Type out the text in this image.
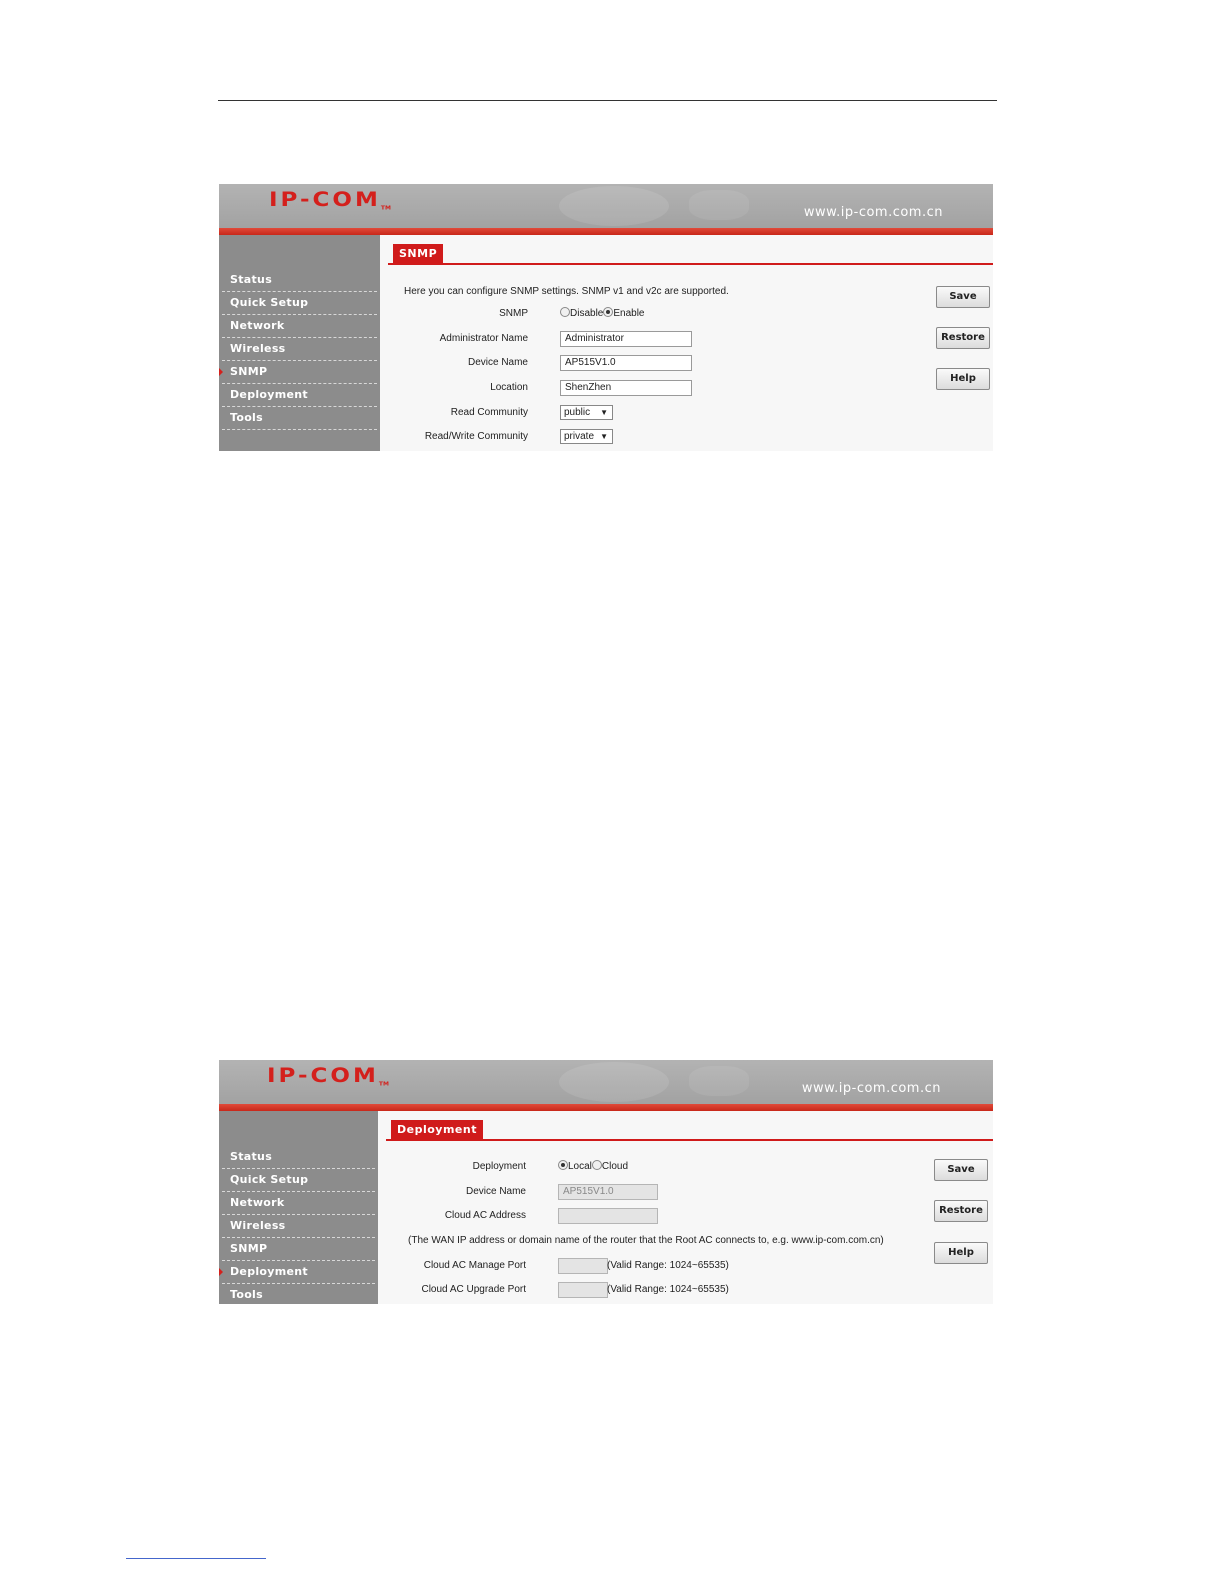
IP-COMTM	www.ip-com.com.cn
Status
Quick Setup
Network
Wireless
SNMP
Deployment
Tools
SNMP
Here you can configure SNMP settings. SNMP v1 and v2c are supported.
SNMP	Disable Enable
Administrator Name	Administrator
Device Name	AP515V1.0
Location	ShenZhen
Read Community	public ▼
Read/Write Community	private ▼
Save
Restore
Help
IP-COMTM	www.ip-com.com.cn
Status
Quick Setup
Network
Wireless
SNMP
Deployment
Tools
Deployment
Deployment	Local Cloud
Device Name	AP515V1.0
Cloud AC Address
(The WAN IP address or domain name of the router that the Root AC connects to, e.g. www.ip-com.com.cn)
Cloud AC Manage Port	(Valid Range: 1024~65535)
Cloud AC Upgrade Port	(Valid Range: 1024~65535)
Save
Restore
Help
